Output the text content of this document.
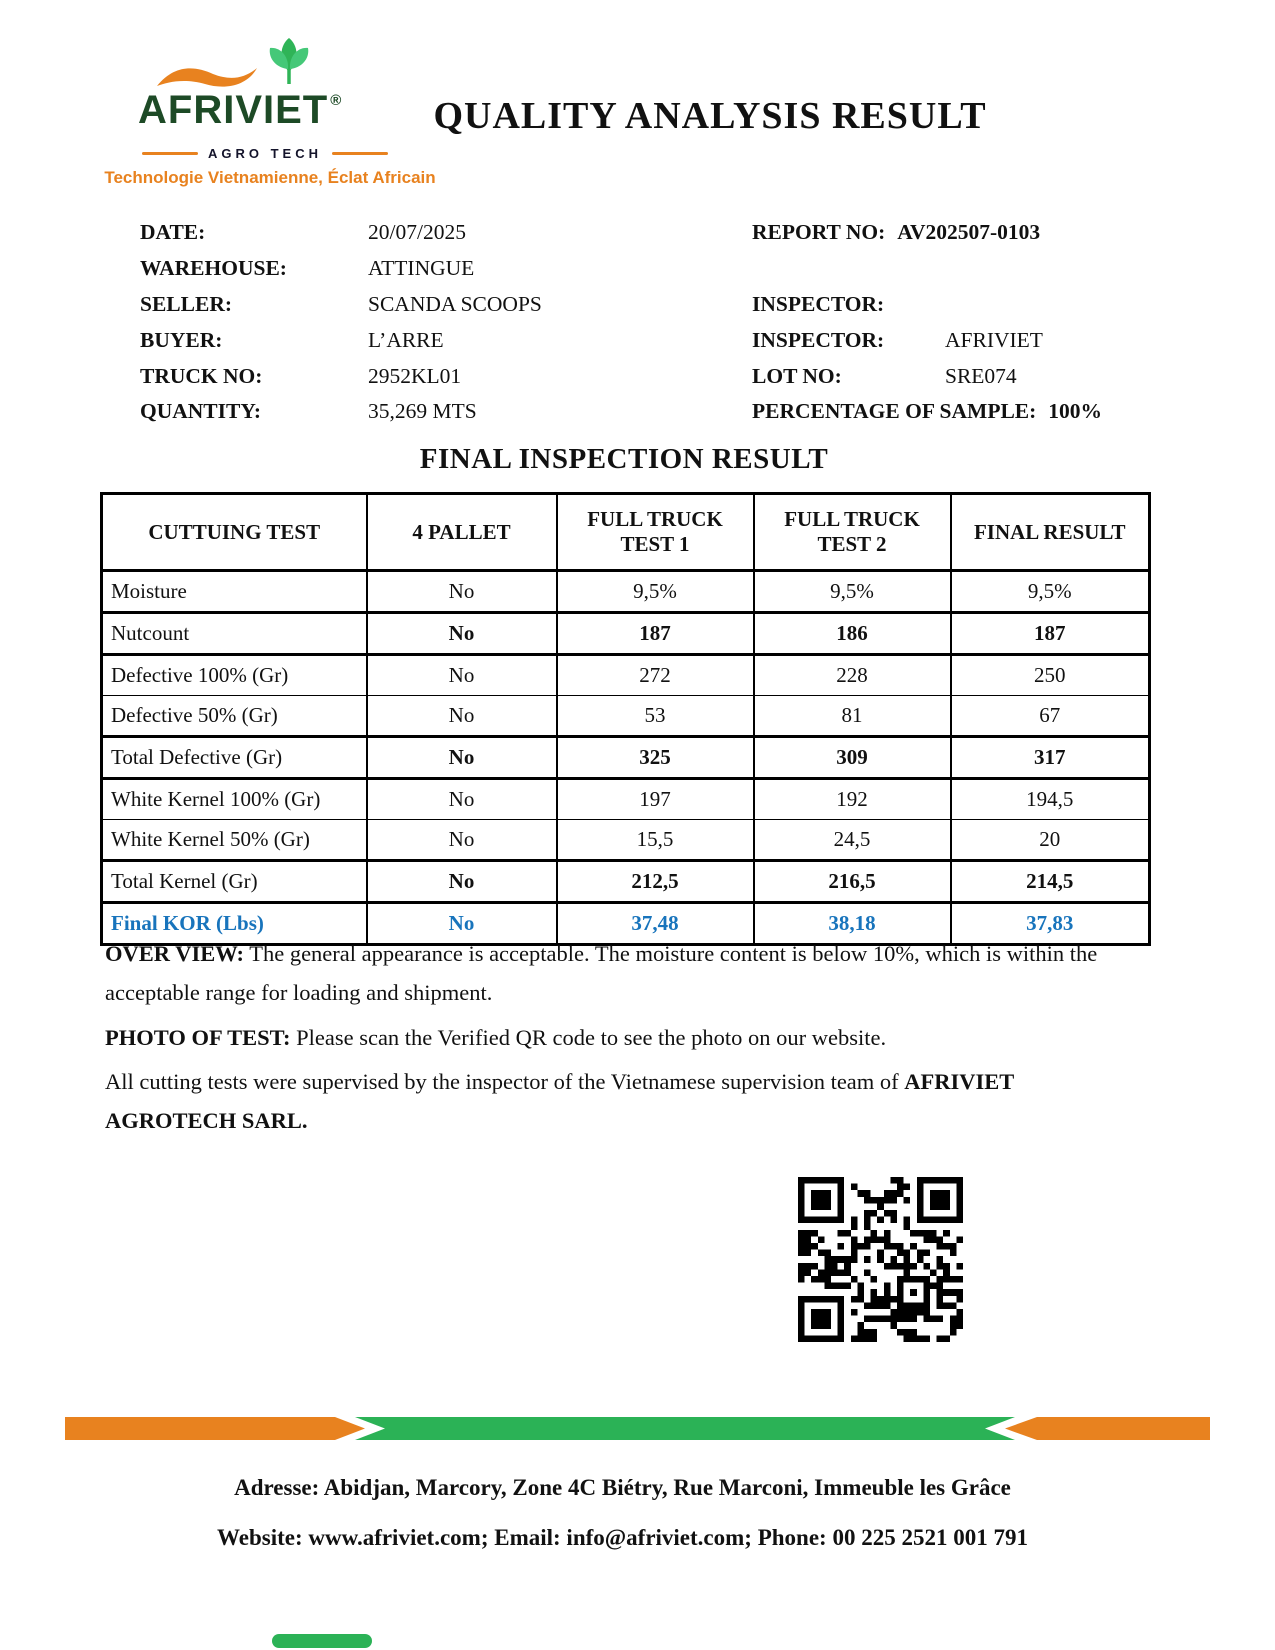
AFRIVIET ®
AGRO TECH
Technologie Vietnamienne, Éclat Africain
QUALITY ANALYSIS RESULT
DATE:	20/07/2025
WAREHOUSE:	ATTINGUE
SELLER:	SCANDA SCOOPS
BUYER:	L’ARRE
TRUCK NO:	2952KL01
QUANTITY:	35,269 MTS
REPORT NO: AV202507-0103
INSPECTOR:
INSPECTOR:	AFRIVIET
LOT NO:	SRE074
PERCENTAGE OF SAMPLE: 100%
FINAL INSPECTION RESULT
CUTTUING TEST	4 PALLET	FULL TRUCK TEST 1	FULL TRUCK TEST 2	FINAL RESULT
Moisture	No	9,5%	9,5%	9,5%
Nutcount	No	187	186	187
Defective 100% (Gr)	No	272	228	250
Defective 50% (Gr)	No	53	81	67
Total Defective (Gr)	No	325	309	317
White Kernel 100% (Gr)	No	197	192	194,5
White Kernel 50% (Gr)	No	15,5	24,5	20
Total Kernel (Gr)	No	212,5	216,5	214,5
Final KOR (Lbs)	No	37,48	38,18	37,83
OVER VIEW: The general appearance is acceptable. The moisture content is below 10%, which is within the acceptable range for loading and shipment.
PHOTO OF TEST: Please scan the Verified QR code to see the photo on our website.
All cutting tests were supervised by the inspector of the Vietnamese supervision team of AFRIVIET AGROTECH SARL.
Adresse: Abidjan, Marcory, Zone 4C Biétry, Rue Marconi, Immeuble les Grâce
Website: www.afriviet.com; Email: info@afriviet.com; Phone: 00 225 2521 001 791
